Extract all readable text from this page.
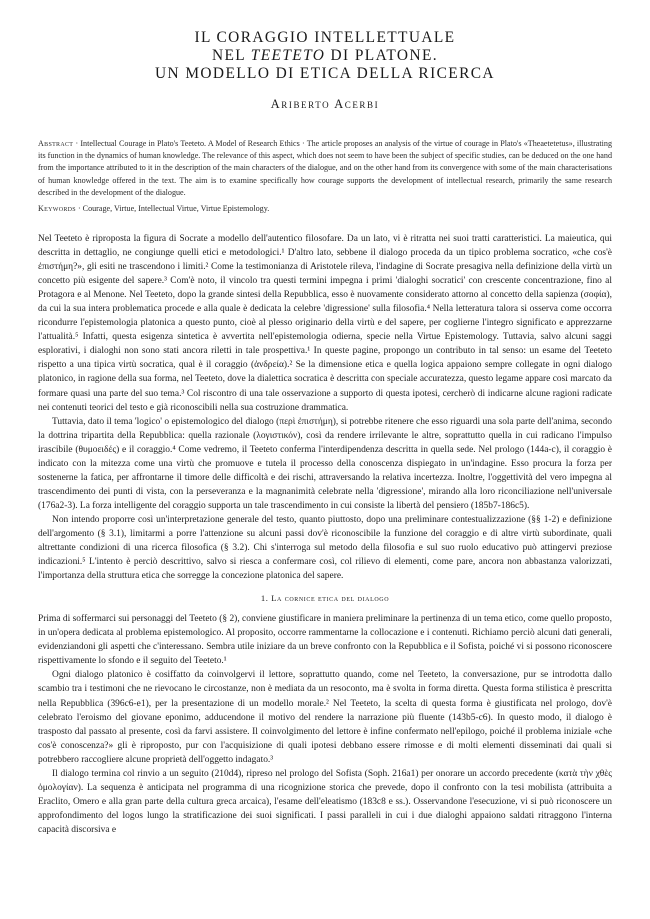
IL CORAGGIO INTELLETTUALE
NEL TEETETO DI PLATONE.
UN MODELLO DI ETICA DELLA RICERCA
Ariberto Acerbi
Abstract · Intellectual Courage in Plato's Teeteto. A Model of Research Ethics · The article proposes an analysis of the virtue of courage in Plato's «Theaetetetus», illustrating its function in the dynamics of human knowledge. The relevance of this aspect, which does not seem to have been the subject of specific studies, can be deduced on the one hand from the importance attributed to it in the description of the main characters of the dialogue, and on the other hand from its convergence with some of the main characterisations of human knowledge offered in the text. The aim is to examine specifically how courage supports the development of intellectual research, primarily the same research described in the development of the dialogue.
Keywords · Courage, Virtue, Intellectual Virtue, Virtue Epistemology.

Nel Teeteto è riproposta la figura di Socrate a modello dell'autentico filosofare. Da un lato, vi è ritratta nei suoi tratti caratteristici. La maieutica, qui descritta in dettaglio, ne congiunge quelli etici e metodologici.¹ D'altro lato, sebbene il dialogo proceda da un tipico problema socratico, «che cos'è ἐπιστήμη?», gli esiti ne trascendono i limiti.² Come la testimonianza di Aristotele rileva, l'indagine di Socrate presagiva nella definizione della virtù un concetto più esigente del sapere.³ Com'è noto, il vincolo tra questi termini impegna i primi 'dialoghi socratici' con crescente concentrazione, fino al Protagora e al Menone. Nel Teeteto, dopo la grande sintesi della Repubblica, esso è nuovamente considerato attorno al concetto della sapienza (σοφία), da cui la sua intera problematica procede e alla quale è dedicata la celebre 'digressione' sulla filosofia.⁴ Nella letteratura talora si osserva come occorra ricondurre l'epistemologia platonica a questo punto, cioè al plesso originario della virtù e del sapere, per coglierne l'integro significato e apprezzarne l'attualità.⁵ Infatti, questa esigenza sintetica è avvertita nell'epistemologia odierna, specie nella Virtue Epistemology. Tuttavia, salvo alcuni saggi esplorativi, i dialoghi non sono stati ancora riletti in tale prospettiva.¹ In queste pagine, propongo un contributo in tal senso: un esame del Teeteto rispetto a una tipica virtù socratica, qual è il coraggio (ἀνδρεία).² Se la dimensione etica e quella logica appaiono sempre collegate in ogni dialogo platonico, in ragione della sua forma, nel Teeteto, dove la dialettica socratica è descritta con speciale accuratezza, questo legame appare così marcato da formare quasi una parte del suo tema.³ Col riscontro di una tale osservazione a supporto di questa ipotesi, cercherò di indicarne alcune ragioni radicate nei contenuti teorici del testo e già riconoscibili nella sua costruzione drammatica.

Tuttavia, dato il tema 'logico' o epistemologico del dialogo (περὶ ἐπιστήμη), si potrebbe ritenere che esso riguardi una sola parte dell'anima, secondo la dottrina tripartita della Repubblica: quella razionale (λογιστικόν), così da rendere irrilevante le altre, soprattutto quella in cui radicano l'impulso irascibile (θυμοειδές) e il coraggio.⁴ Come vedremo, il Teeteto conferma l'interdipendenza descritta in quella sede. Nel prologo (144a-c), il coraggio è indicato con la mitezza come una virtù che promuove e tutela il processo della conoscenza dispiegato in un'indagine. Esso procura la forza per sostenerne la fatica, per affrontarne il timore delle difficoltà e dei rischi, attraversando la relativa incertezza. Inoltre, l'oggettività del vero impegna al trascendimento dei punti di vista, con la perseveranza e la magnanimità celebrate nella 'digressione', mirando alla loro riconciliazione nell'universale (176a2-3). La forza intelligente del coraggio supporta un tale trascendimento in cui consiste la libertà del pensiero (185b7-186c5).

Non intendo proporre così un'interpretazione generale del testo, quanto piuttosto, dopo una preliminare contestualizzazione (§§ 1-2) e definizione dell'argomento (§ 3.1), limitarmi a porre l'attenzione su alcuni passi dov'è riconoscibile la funzione del coraggio e di altre virtù subordinate, quali altrettante condizioni di una ricerca filosofica (§ 3.2). Chi s'interroga sul metodo della filosofia e sul suo ruolo educativo può attingervi preziose indicazioni.⁵ L'intento è perciò descrittivo, salvo si riesca a confermare così, col rilievo di elementi, come pare, ancora non abbastanza valorizzati, l'importanza della struttura etica che sorregge la concezione platonica del sapere.

1. La cornice etica del dialogo

Prima di soffermarci sui personaggi del Teeteto (§ 2), conviene giustificare in maniera preliminare la pertinenza di un tema etico, come quello proposto, in un'opera dedicata al problema epistemologico. Al proposito, occorre rammentarne la collocazione e i contenuti. Richiamo perciò alcuni dati generali, evidenziandoni gli aspetti che c'interessano. Sembra utile iniziare da un breve confronto con la Repubblica e il Sofista, poiché vi si possono riconoscere rispettivamente lo sfondo e il seguito del Teeteto.¹

Ogni dialogo platonico è cosiffatto da coinvolgervi il lettore, soprattutto quando, come nel Teeteto, la conversazione, pur se introdotta dallo scambio tra i testimoni che ne rievocano le circostanze, non è mediata da un resoconto, ma è svolta in forma diretta. Questa forma stilistica è prescritta nella Repubblica (396c6-e1), per la presentazione di un modello morale.² Nel Teeteto, la scelta di questa forma è giustificata nel prologo, dov'è celebrato l'eroismo del giovane eponimo, adducendone il motivo del rendere la narrazione più fluente (143b5-c6). In questo modo, il dialogo è trasposto dal passato al presente, così da farvi assistere. Il coinvolgimento del lettore è infine confermato nell'epilogo, poiché il problema iniziale «che cos'è conoscenza?» gli è riproposto, pur con l'acquisizione di quali ipotesi debbano essere rimosse e di molti elementi disseminati dai quali si potrebbero raccogliere alcune proprietà dell'oggetto indagato.³

Il dialogo termina col rinvio a un seguito (210d4), ripreso nel prologo del Sofista (Soph. 216a1) per onorare un accordo precedente (κατὰ τὴν χθὲς ὁμολογίαν). La sequenza è anticipata nel programma di una ricognizione storica che prevede, dopo il confronto con la tesi mobilista (attribuita a Eraclito, Omero e alla gran parte della cultura greca arcaica), l'esame dell'eleatismo (183c8 e ss.). Osservandone l'esecuzione, vi si può riconoscere un approfondimento del logos lungo la stratificazione dei suoi significati. I passi paralleli in cui i due dialoghi appaiono saldati ritraggono l'interna capacità discorsiva e
